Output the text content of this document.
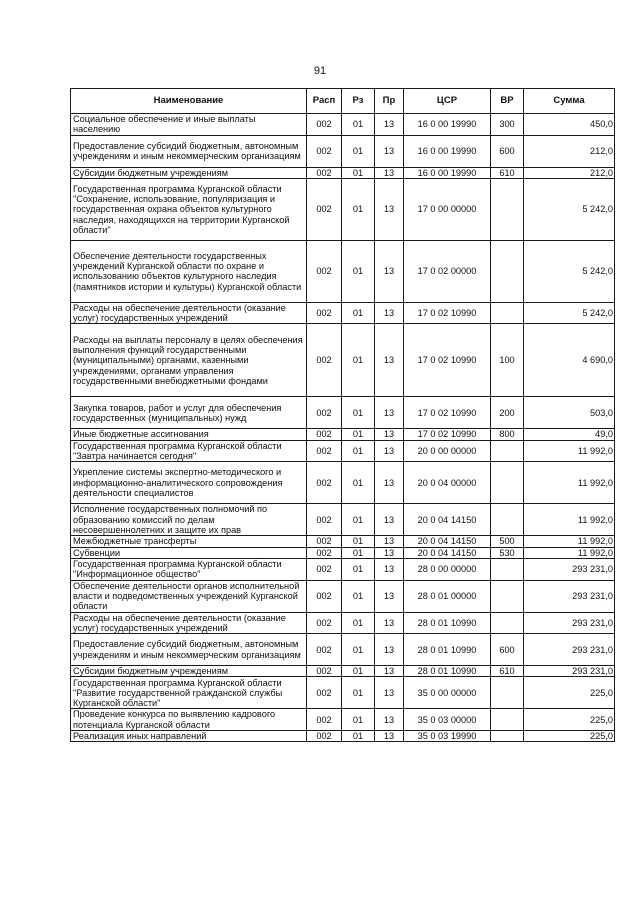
91
Наименование	Расп	Рз	Пр	ЦСР	ВР	Сумма
Социальное обеспечение и иные выплаты населению	002	01	13	16 0 00 19990	300	450,0
Предоставление субсидий бюджетным, автономным учреждениям и иным некоммерческим организациям	002	01	13	16 0 00 19990	600	212,0
Субсидии бюджетным учреждениям	002	01	13	16 0 00 19990	610	212,0
Государственная программа Курганской области "Сохранение, использование, популяризация и государственная охрана объектов культурного наследия, находящихся на территории Курганской области"	002	01	13	17 0 00 00000		5 242,0
Обеспечение деятельности государственных учреждений Курганской области по охране и использованию объектов культурного наследия (памятников истории и культуры) Курганской области	002	01	13	17 0 02 00000		5 242,0
Расходы на обеспечение деятельности (оказание услуг) государственных учреждений	002	01	13	17 0 02 10990		5 242,0
Расходы на выплаты персоналу в целях обеспечения выполнения функций государственными (муниципальными) органами, казенными учреждениями, органами управления государственными внебюджетными фондами	002	01	13	17 0 02 10990	100	4 690,0
Закупка товаров, работ и услуг для обеспечения государственных (муниципальных) нужд	002	01	13	17 0 02 10990	200	503,0
Иные бюджетные ассигнования	002	01	13	17 0 02 10990	800	49,0
Государственная программа Курганской области "Завтра начинается сегодня"	002	01	13	20 0 00 00000		11 992,0
Укрепление системы экспертно-методического и информационно-аналитического сопровождения деятельности специалистов	002	01	13	20 0 04 00000		11 992,0
Исполнение государственных полномочий по образованию комиссий по делам несовершеннолетних и защите их прав	002	01	13	20 0 04 14150		11 992,0
Межбюджетные трансферты	002	01	13	20 0 04 14150	500	11 992,0
Субвенции	002	01	13	20 0 04 14150	530	11 992,0
Государственная программа Курганской области "Информационное общество"	002	01	13	28 0 00 00000		293 231,0
Обеспечение деятельности органов исполнительной власти и подведомственных учреждений Курганской области	002	01	13	28 0 01 00000		293 231,0
Расходы на обеспечение деятельности (оказание услуг) государственных учреждений	002	01	13	28 0 01 10990		293 231,0
Предоставление субсидий бюджетным, автономным учреждениям и иным некоммерческим организациям	002	01	13	28 0 01 10990	600	293 231,0
Субсидии бюджетным учреждениям	002	01	13	28 0 01 10990	610	293 231,0
Государственная программа Курганской области "Развитие государственной гражданской службы Курганской области"	002	01	13	35 0 00 00000		225,0
Проведение конкурса по выявлению кадрового потенциала Курганской области	002	01	13	35 0 03 00000		225,0
Реализация иных направлений	002	01	13	35 0 03 19990		225,0
